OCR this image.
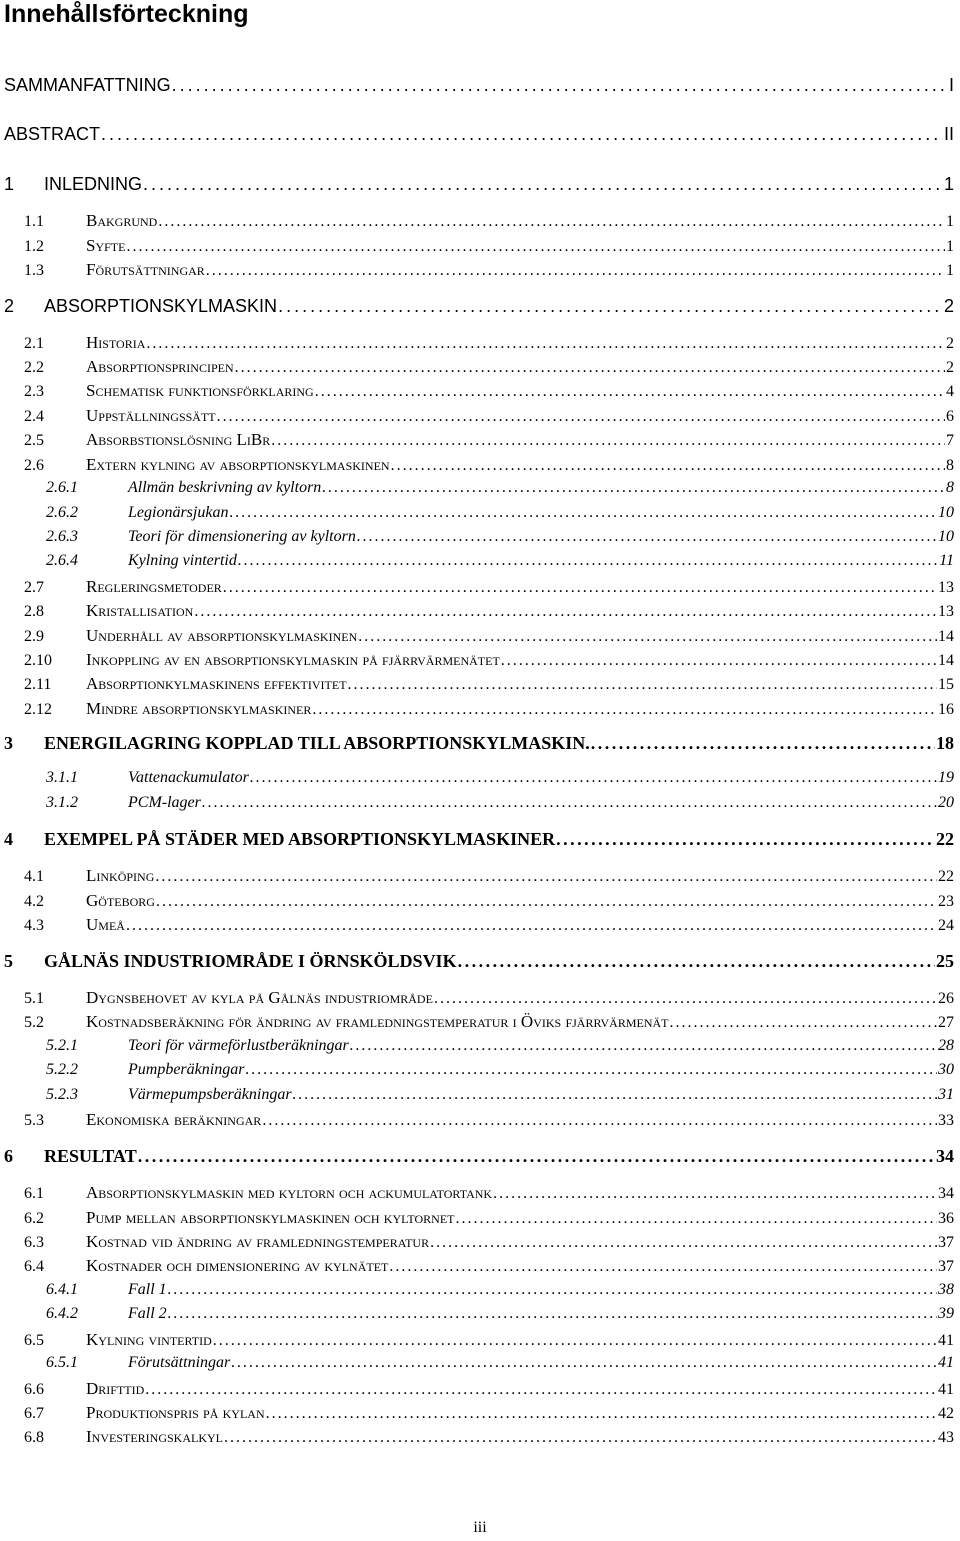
Innehållsförteckning
SAMMANFATTNING . . .	I
ABSTRACT . . .	II
1	INLEDNING . . .	1
1.1	Bakgrund . . .	1
1.2	Syfte . . .	1
1.3	Förutsättningar . . .	1
2	ABSORPTIONSKYLMASKIN . . .	2
2.1	Historia . . .	2
2.2	Absorptionsprincipen . . .	2
2.3	Schematisk funktionsförklaring . . .	4
2.4	Uppställningssätt . . .	6
2.5	Absorbstionslösning LiBr . . .	7
2.6	Extern kylning av absorptionskylmaskinen . . .	8
2.6.1	Allmän beskrivning av kyltorn . . .	8
2.6.2	Legionärsjukan . . .	10
2.6.3	Teori för dimensionering av kyltorn . . .	10
2.6.4	Kylning vintertid . . .	11
2.7	Regleringsmetoder . . .	13
2.8	Kristallisation . . .	13
2.9	Underhåll av absorptionskylmaskinen . . .	14
2.10	Inkoppling av en absorptionskylmaskin på fjärrvärmenätet . . .	14
2.11	Absorptionkylmaskinens effektivitet . . .	15
2.12	Mindre absorptionskylmaskiner . . .	16
3	ENERGILAGRING KOPPLAD TILL ABSORPTIONSKYLMASKIN. . . .	18
3.1.1	Vattenackumulator . . .	19
3.1.2	PCM-lager . . .	20
4	EXEMPEL PÅ STÄDER MED ABSORPTIONSKYLMASKINER . . .	22
4.1	Linköping . . .	22
4.2	Göteborg . . .	23
4.3	Umeå . . .	24
5	GÅLNÄS INDUSTRIOMRÅDE I ÖRNSKÖLDSVIK . . .	25
5.1	Dygnsbehovet av kyla på Gålnäs industriområde . . .	26
5.2	Kostnadsberäkning för ändring av framledningstemperatur i Öviks fjärrvärmenät . . .	27
5.2.1	Teori för värmeförlustberäkningar . . .	28
5.2.2	Pumpberäkningar . . .	30
5.2.3	Värmepumpsberäkningar . . .	31
5.3	Ekonomiska beräkningar . . .	33
6	RESULTAT . . .	34
6.1	Absorptionskylmaskin med kyltorn och ackumulatortank . . .	34
6.2	Pump mellan absorptionskylmaskinen och kyltornet . . .	36
6.3	Kostnad vid ändring av framledningstemperatur . . .	37
6.4	Kostnader och dimensionering av kylnätet . . .	37
6.4.1	Fall 1 . . .	38
6.4.2	Fall 2 . . .	39
6.5	Kylning vintertid . . .	41
6.5.1	Förutsättningar . . .	41
6.6	Drifttid . . .	41
6.7	Produktionspris på kylan . . .	42
6.8	Investeringskalkyl . . .	43
iii
